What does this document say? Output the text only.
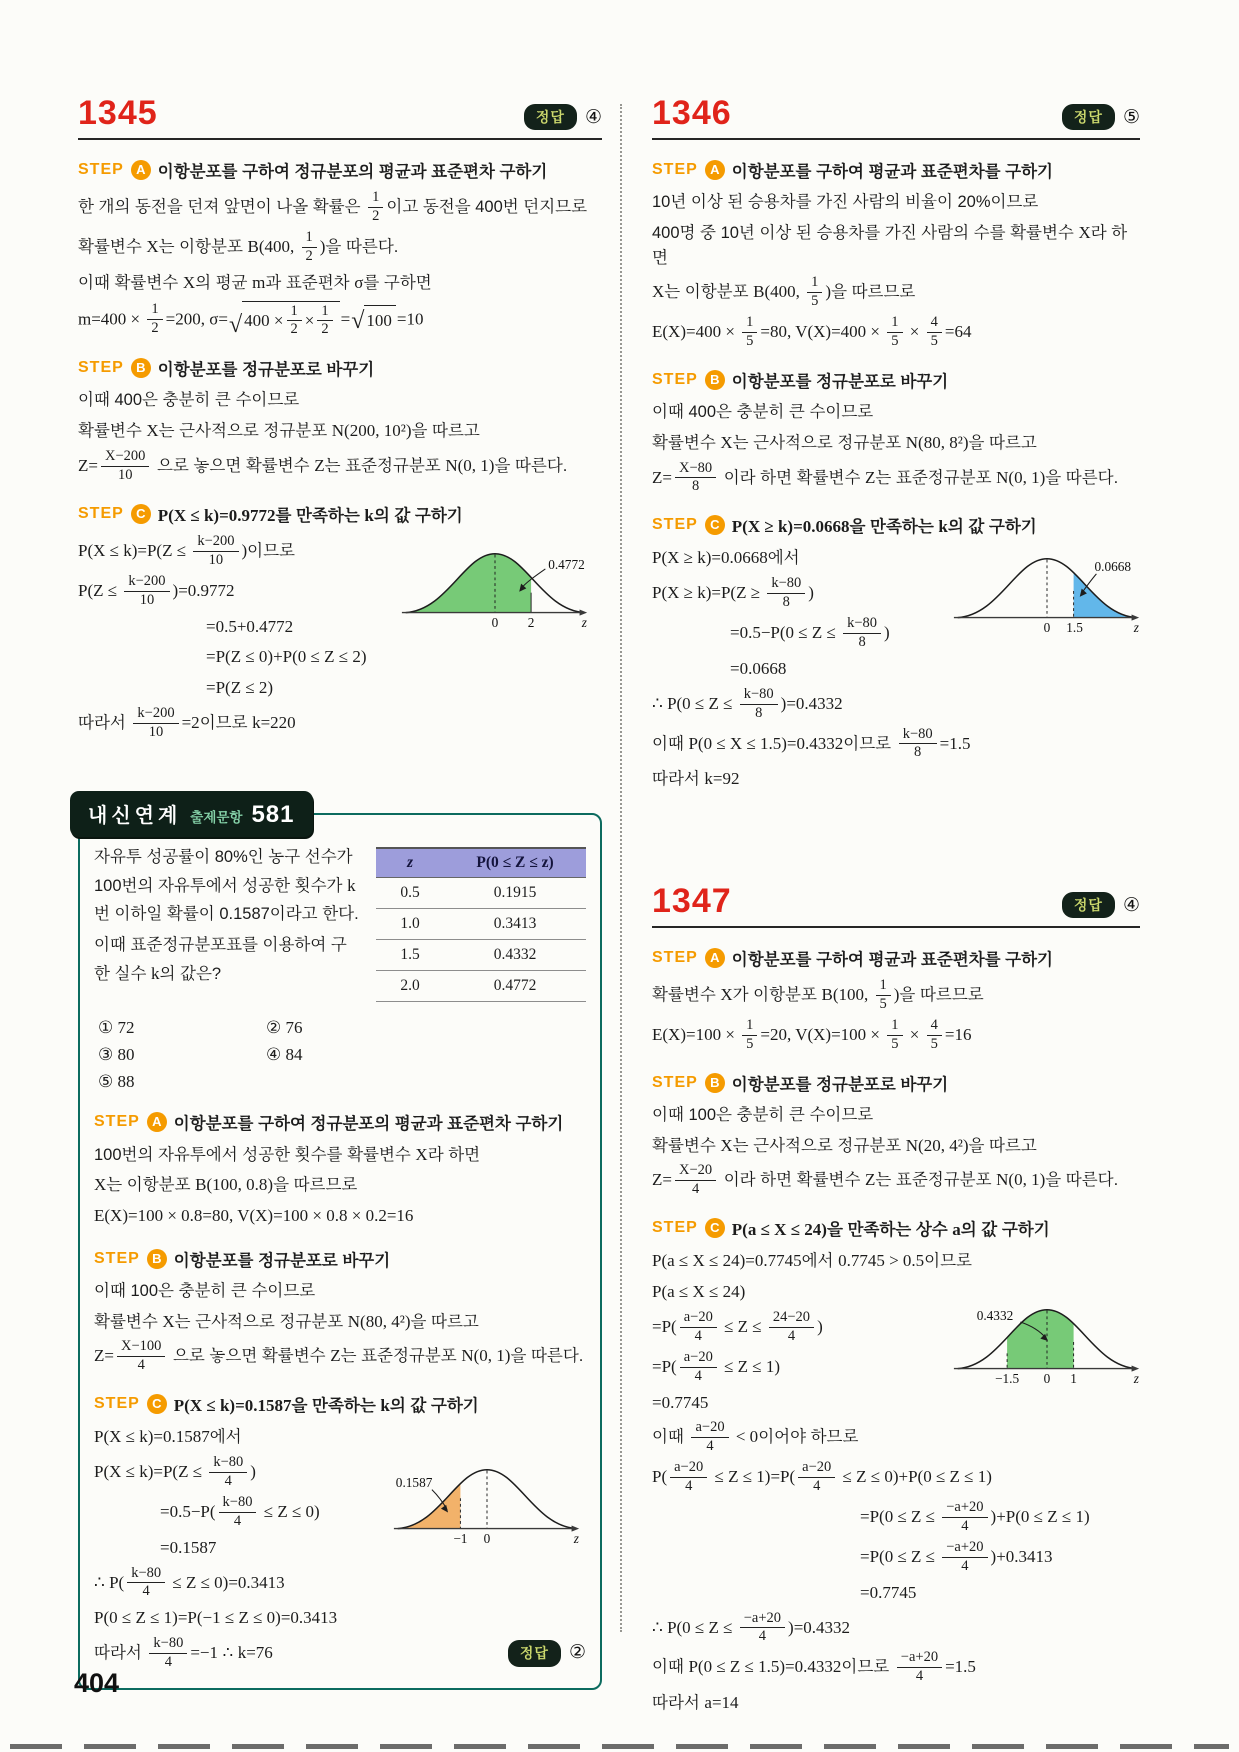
1345	정답	④
STEP A 이항분포를 구하여 정규분포의 평균과 표준편차 구하기
한 개의 동전을 던져 앞면이 나올 확률은 $\frac{1}{2}$ 이고 동전을 400번 던지므로
확률변수 X는 이항분포 B(400, $\frac{1}{2}$ )을 따른다.
이때 확률변수 X의 평균 m과 표준편차 σ를 구하면
$m=400 \times \frac{1}{2} =200$, σ= √ $400 \times \frac{1}{2} \times \frac{1}{2}$ = √ 100 =10
STEP B 이항분포를 정규분포로 바꾸기
이때 400은 충분히 큰 수이므로
확률변수 X는 근사적으로 정규분포 N(200, 10²)을 따르고
$Z= \frac{X-200}{10}$ 으로 놓으면 확률변수 Z는 표준정규분포 N(0, 1)을 따른다.
STEP C P(X ≤ k)=0.9772를 만족하는 k의 값 구하기
0.4772
0 2	z
$P(X \le k)=P(Z \le \frac{k-200}{10}$ )이므로
$P(Z \le \frac{k-200}{10} )=0.9772$
=0.5+0.4772
=P(Z ≤ 0)+P(0 ≤ Z ≤ 2)
=P(Z ≤ 2)
따라서 $\frac{k-200}{10} =2$이므로 k=220
내신연계 출제문항 581
자유투 성공률이 80%인 농구 선수가 100번의 자유투에서 성공한 횟수가 k번 이하일 확률이 0.1587이라고 한다.
이때 표준정규분포표를 이용하여 구한 실수 k의 값은?
z	P(0 ≤ Z ≤ z)
0.5	0.1915
1.0	0.3413
1.5	0.4332
2.0	0.4772
① 72	② 76
③ 80	④ 84
⑤ 88
STEP A 이항분포를 구하여 정규분포의 평균과 표준편차 구하기
100번의 자유투에서 성공한 횟수를 확률변수 X라 하면
X는 이항분포 B(100, 0.8)을 따르므로
E(X)=100 × 0.8=80, V(X)=100 × 0.8 × 0.2=16
STEP B 이항분포를 정규분포로 바꾸기
이때 100은 충분히 큰 수이므로
확률변수 X는 근사적으로 정규분포 N(80, 4²)을 따르고
$Z= \frac{X-100}{4}$ 으로 놓으면 확률변수 Z는 표준정규분포 N(0, 1)을 따른다.
STEP C P(X ≤ k)=0.1587을 만족하는 k의 값 구하기
0.1587
−1 0	z
P(X ≤ k)=0.1587에서
$P(X \le k)=P(Z \le \frac{k-80}{4}$ )
$=0.5-P( \frac{k-80}{4} \le Z \le 0)$
=0.1587
∴ $P( \frac{k-80}{4} \le Z \le 0)=0.3413$
P(0 ≤ Z ≤ 1)=P(−1 ≤ Z ≤ 0)=0.3413
따라서 $\frac{k-80}{4} =-1$ ∴ k=76	정답	②
1346	정답	⑤
STEP A 이항분포를 구하여 평균과 표준편차를 구하기
10년 이상 된 승용차를 가진 사람의 비율이 20%이므로
400명 중 10년 이상 된 승용차를 가진 사람의 수를 확률변수 X라 하면
X는 이항분포 B(400, $\frac{1}{5}$ )을 따르므로
$E(X)=400 \times \frac{1}{5} =80$, $V(X)=400 \times \frac{1}{5} \times \frac{4}{5} =64$
STEP B 이항분포를 정규분포로 바꾸기
이때 400은 충분히 큰 수이므로
확률변수 X는 근사적으로 정규분포 N(80, 8²)을 따르고
$Z= \frac{X-80}{8}$ 이라 하면 확률변수 Z는 표준정규분포 N(0, 1)을 따른다.
STEP C P(X ≥ k)=0.0668을 만족하는 k의 값 구하기
0.0668
0 1.5	z
P(X ≥ k)=0.0668에서
$P(X \ge k)=P(Z \ge \frac{k-80}{8}$ )
$=0.5-P(0 \le Z \le \frac{k-80}{8}$ )
=0.0668
∴ $P(0 \le Z \le \frac{k-80}{8} )=0.4332$
이때 P(0 ≤ X ≤ 1.5)=0.4332이므로 $\frac{k-80}{8} =1.5$
따라서 k=92
1347	정답	④
STEP A 이항분포를 구하여 평균과 표준편차를 구하기
확률변수 X가 이항분포 B(100, $\frac{1}{5}$ )을 따르므로
$E(X)=100 \times \frac{1}{5} =20$, $V(X)=100 \times \frac{1}{5} \times \frac{4}{5} =16$
STEP B 이항분포를 정규분포로 바꾸기
이때 100은 충분히 큰 수이므로
확률변수 X는 근사적으로 정규분포 N(20, 4²)을 따르고
$Z= \frac{X-20}{4}$ 이라 하면 확률변수 Z는 표준정규분포 N(0, 1)을 따른다.
STEP C P(a ≤ X ≤ 24)을 만족하는 상수 a의 값 구하기
0.4332
−1.5 0 1	z
P(a ≤ X ≤ 24)=0.7745에서 0.7745 > 0.5이므로
P(a ≤ X ≤ 24)
$=P( \frac{a-20}{4} \le Z \le \frac{24-20}{4}$ )
$=P( \frac{a-20}{4} \le Z \le 1)$
=0.7745
이때 $\frac{a-20}{4} < 0$이어야 하므로
$P( \frac{a-20}{4} \le Z \le 1)=P( \frac{a-20}{4} \le Z \le 0)+P(0 \le Z \le 1)$
$=P(0 \le Z \le \frac{-a+20}{4} )+P(0 \le Z \le 1)$
$=P(0 \le Z \le \frac{-a+20}{4} )+0.3413$
=0.7745
∴ $P(0 \le Z \le \frac{-a+20}{4} )=0.4332$
이때 P(0 ≤ Z ≤ 1.5)=0.4332이므로 $\frac{-a+20}{4} =1.5$
따라서 a=14
404
